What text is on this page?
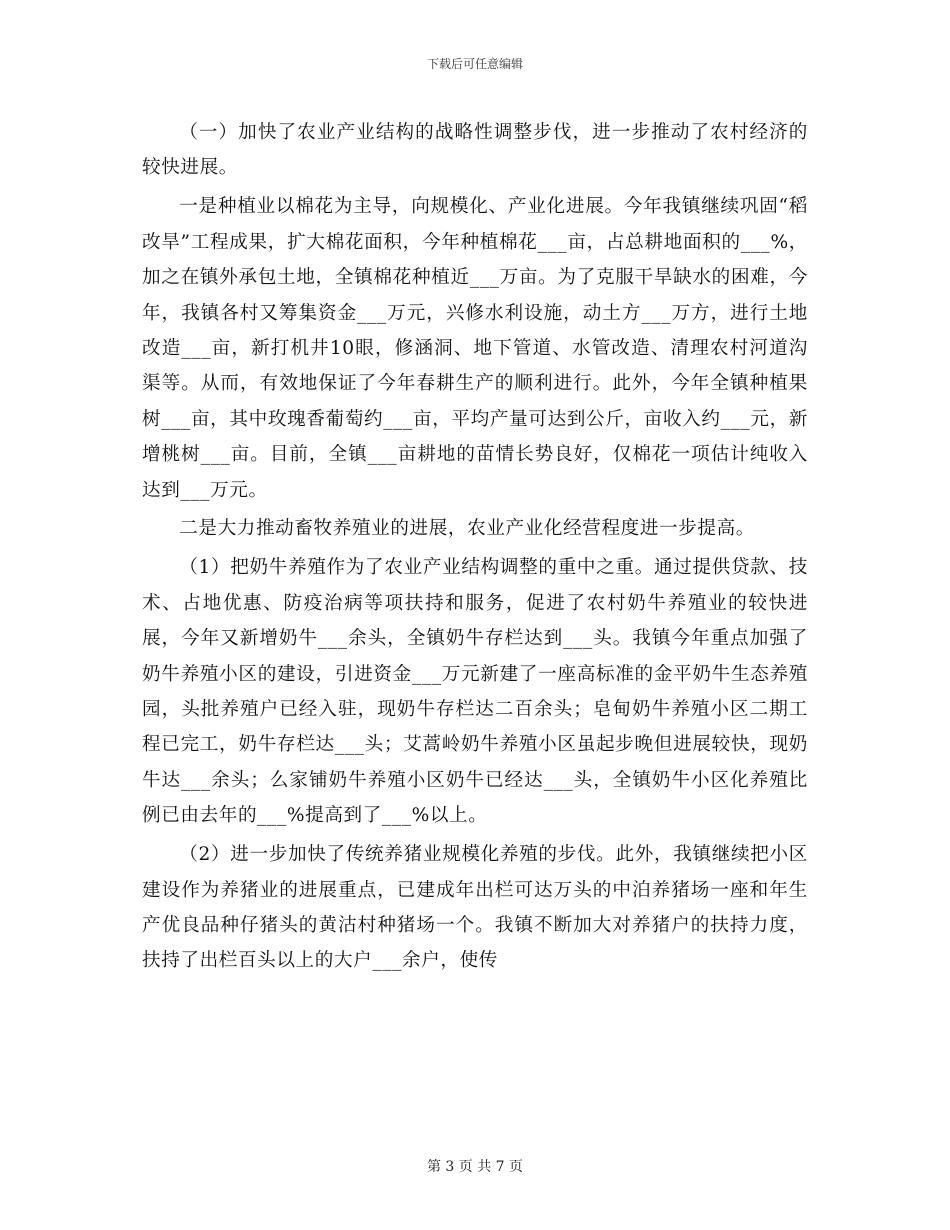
下载后可任意编辑

（一）加快了农业产业结构的战略性调整步伐，进一步推动了农村经济的较快进展。

一是种植业以棉花为主导，向规模化、产业化进展。今年我镇继续巩固“稻改旱”工程成果，扩大棉花面积，今年种植棉花___亩，占总耕地面积的___%，加之在镇外承包土地，全镇棉花种植近___万亩。为了克服干旱缺水的困难，今年，我镇各村又筹集资金___万元，兴修水利设施，动土方___万方，进行土地改造___亩，新打机井10眼，修涵洞、地下管道、水管改造、清理农村河道沟渠等。从而，有效地保证了今年春耕生产的顺利进行。此外，今年全镇种植果树___亩，其中玫瑰香葡萄约___亩，平均产量可达到公斤，亩收入约___元，新增桃树___亩。目前，全镇___亩耕地的苗情长势良好，仅棉花一项估计纯收入达到___万元。

二是大力推动畜牧养殖业的进展，农业产业化经营程度进一步提高。

（1）把奶牛养殖作为了农业产业结构调整的重中之重。通过提供贷款、技术、占地优惠、防疫治病等项扶持和服务，促进了农村奶牛养殖业的较快进展，今年又新增奶牛___余头，全镇奶牛存栏达到___头。我镇今年重点加强了奶牛养殖小区的建设，引进资金___万元新建了一座高标准的金平奶牛生态养殖园，头批养殖户已经入驻，现奶牛存栏达二百余头；皂甸奶牛养殖小区二期工程已完工，奶牛存栏达___头；艾蒿岭奶牛养殖小区虽起步晚但进展较快，现奶牛达___余头；么家铺奶牛养殖小区奶牛已经达___头，全镇奶牛小区化养殖比例已由去年的___%提高到了___%以上。

（2）进一步加快了传统养猪业规模化养殖的步伐。此外，我镇继续把小区建设作为养猪业的进展重点，已建成年出栏可达万头的中泊养猪场一座和年生产优良品种仔猪头的黄沽村种猪场一个。我镇不断加大对养猪户的扶持力度，扶持了出栏百头以上的大户___余户，使传

第 3 页 共 7 页
